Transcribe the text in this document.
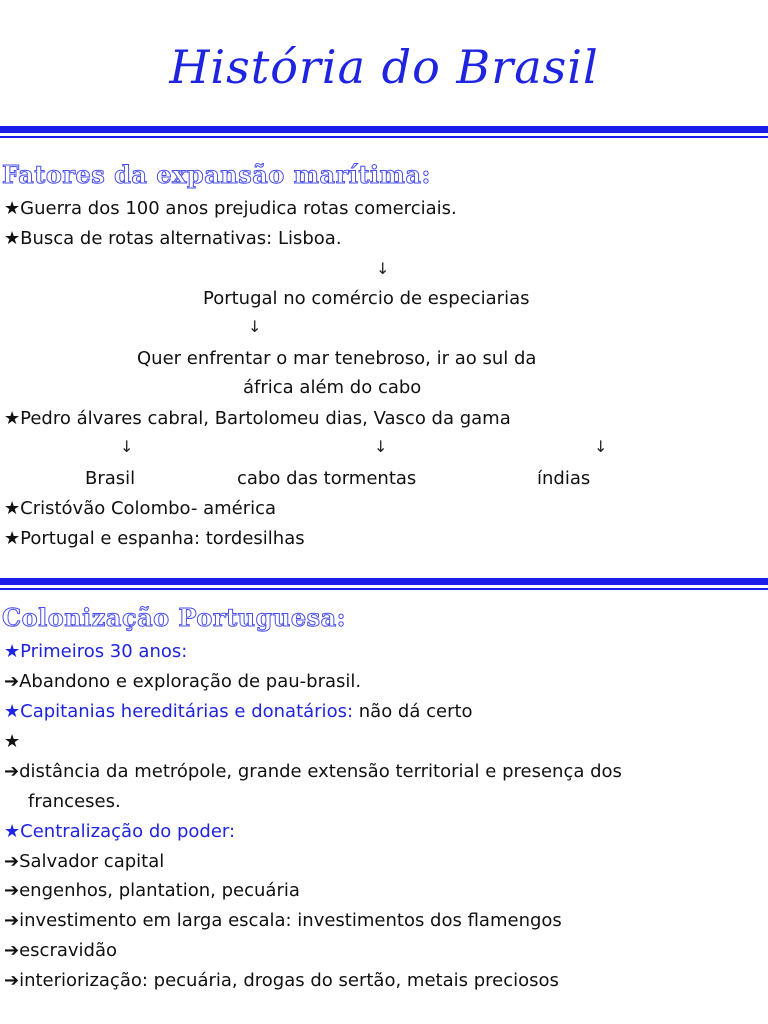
História do Brasil
Fatores da expansão marítima:
★Guerra dos 100 anos prejudica rotas comerciais.
★Busca de rotas alternativas: Lisboa.
↓
Portugal no comércio de especiarias
↓
Quer enfrentar o mar tenebroso, ir ao sul da
áfrica além do cabo
★Pedro álvares cabral, Bartolomeu dias, Vasco da gama
↓	↓	↓
Brasil	cabo das tormentas	índias
★Cristóvão Colombo- américa
★Portugal e espanha: tordesilhas
Colonização Portuguesa:
★Primeiros 30 anos:
➔Abandono e exploração de pau-brasil.
★Capitanias hereditárias e donatários: não dá certo
★
➔distância da metrópole, grande extensão territorial e presença dos
franceses.
★Centralização do poder:
➔Salvador capital
➔engenhos, plantation, pecuária
➔investimento em larga escala: investimentos dos flamengos
➔escravidão
➔interiorização: pecuária, drogas do sertão, metais preciosos
